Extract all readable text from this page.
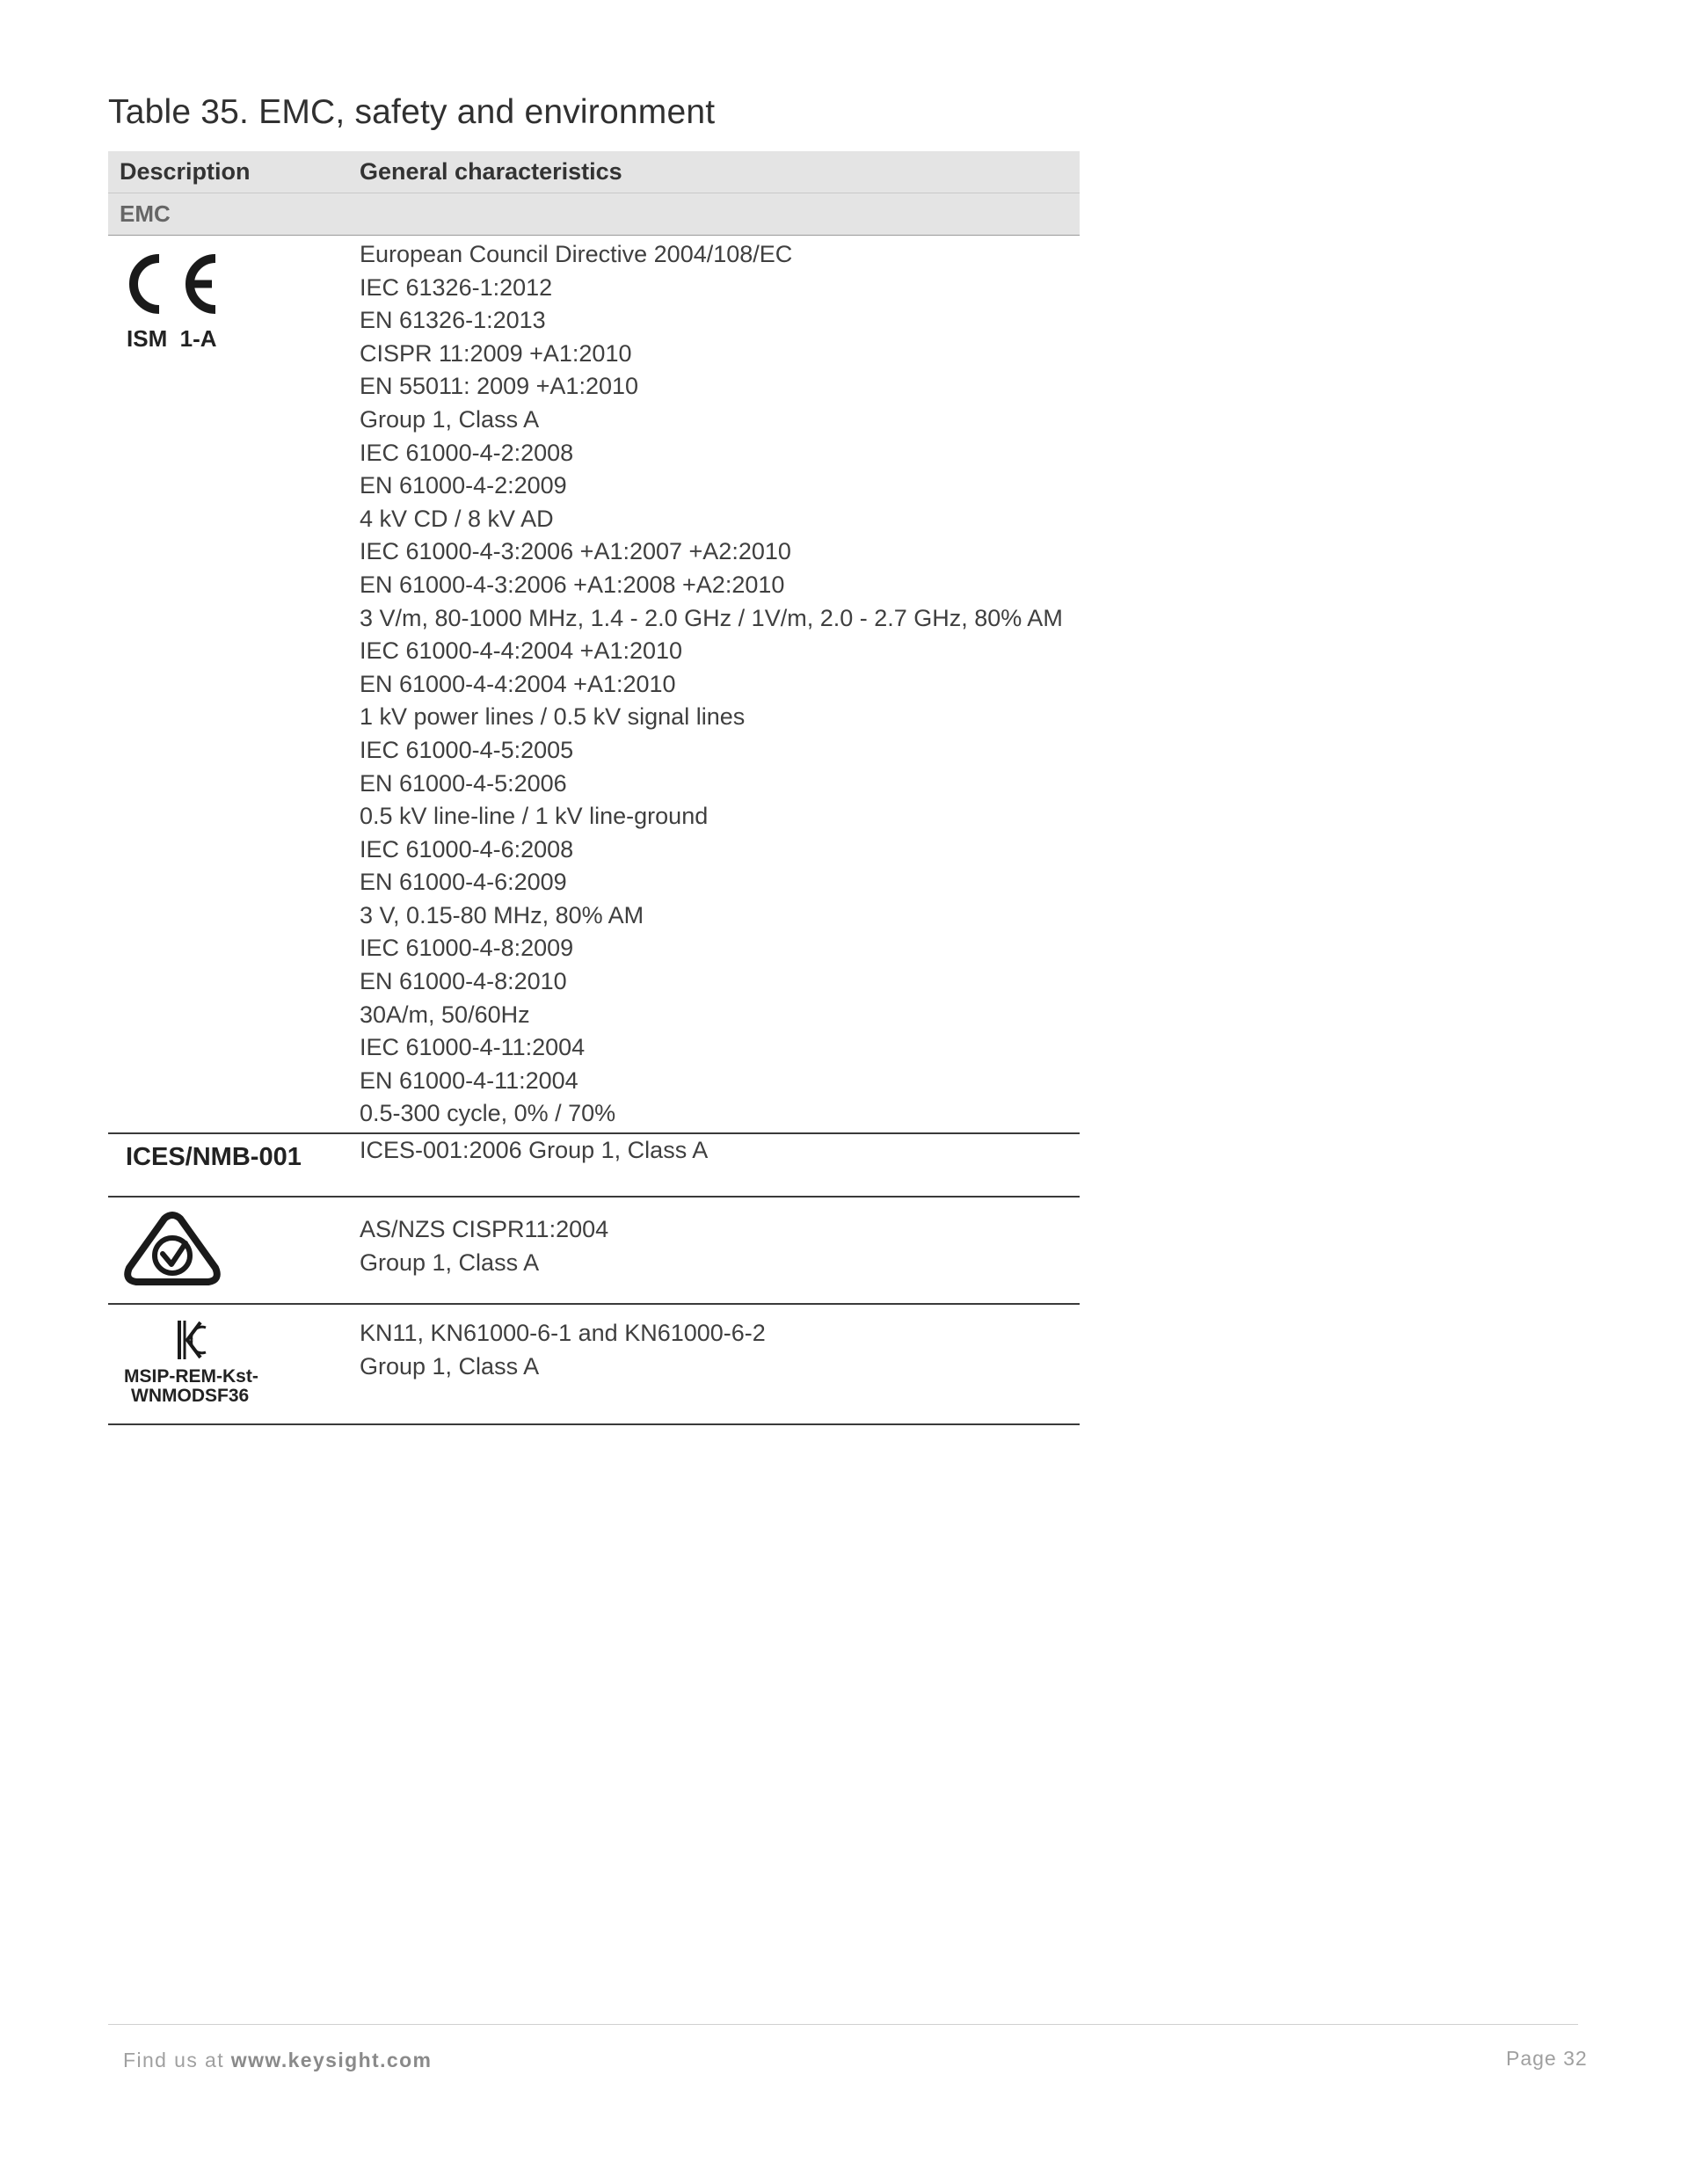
Table 35. EMC, safety and environment
Description	General characteristics
EMC
ISM  1-A
European Council Directive 2004/108/EC
IEC 61326-1:2012
EN 61326-1:2013
CISPR 11:2009 +A1:2010
EN 55011: 2009 +A1:2010
Group 1, Class A
IEC 61000-4-2:2008
EN 61000-4-2:2009
4 kV CD / 8 kV AD
IEC 61000-4-3:2006 +A1:2007 +A2:2010
EN 61000-4-3:2006 +A1:2008 +A2:2010
3 V/m, 80-1000 MHz, 1.4 - 2.0 GHz / 1V/m, 2.0 - 2.7 GHz, 80% AM
IEC 61000-4-4:2004 +A1:2010
EN 61000-4-4:2004 +A1:2010
1 kV power lines / 0.5 kV signal lines
IEC 61000-4-5:2005
EN 61000-4-5:2006
0.5 kV line-line / 1 kV line-ground
IEC 61000-4-6:2008
EN 61000-4-6:2009
3 V, 0.15-80 MHz, 80% AM
IEC 61000-4-8:2009
EN 61000-4-8:2010
30A/m, 50/60Hz
IEC 61000-4-11:2004
EN 61000-4-11:2004
0.5-300 cycle, 0% / 70%
ICES/NMB-001 ICES-001:2006 Group 1, Class A
AS/NZS CISPR11:2004
Group 1, Class A
MSIP-REM-Kst-
WNMODSF36
KN11, KN61000-6-1 and KN61000-6-2
Group 1, Class A
Find us at www.keysight.com	Page 32
